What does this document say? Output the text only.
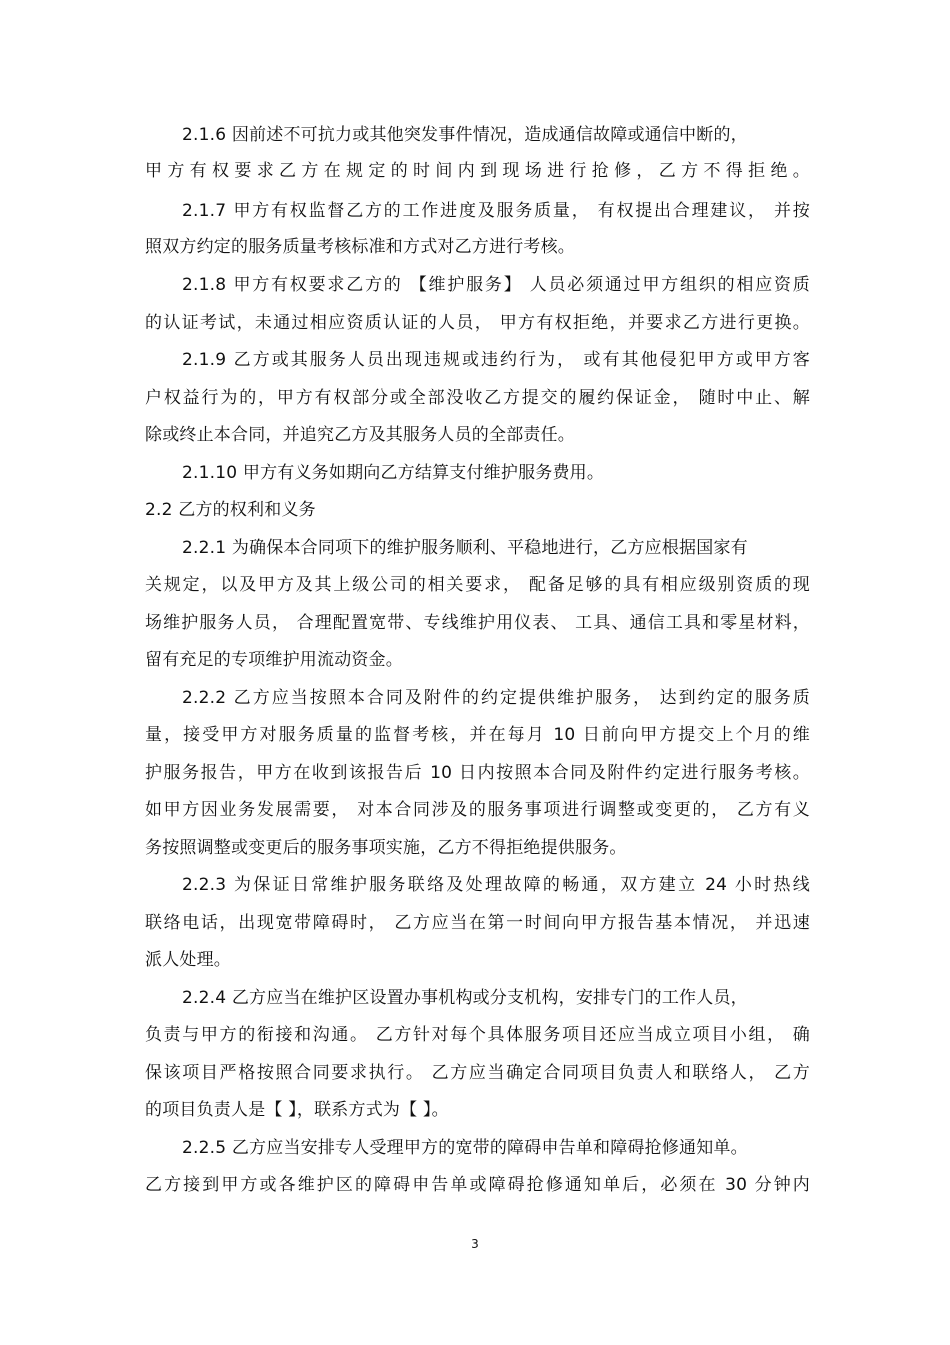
2.1.6 因前述不可抗力或其他突发事件情况，造成通信故障或通信中断的，
甲方有权要求乙方在规定的时间内到现场进行抢修，乙方不得拒绝。
2.1.7 甲方有权监督乙方的工作进度及服务质量， 有权提出合理建议， 并按
照双方约定的服务质量考核标准和方式对乙方进行考核。
2.1.8 甲方有权要求乙方的 【维护服务】 人员必须通过甲方组织的相应资质
的认证考试，未通过相应资质认证的人员， 甲方有权拒绝，并要求乙方进行更换。
2.1.9 乙方或其服务人员出现违规或违约行为， 或有其他侵犯甲方或甲方客
户权益行为的，甲方有权部分或全部没收乙方提交的履约保证金， 随时中止、解
除或终止本合同，并追究乙方及其服务人员的全部责任。
2.1.10 甲方有义务如期向乙方结算支付维护服务费用。
2.2 乙方的权利和义务
2.2.1 为确保本合同项下的维护服务顺利、平稳地进行，乙方应根据国家有
关规定，以及甲方及其上级公司的相关要求， 配备足够的具有相应级别资质的现
场维护服务人员， 合理配置宽带、专线维护用仪表、 工具、通信工具和零星材料，
留有充足的专项维护用流动资金。
2.2.2 乙方应当按照本合同及附件的约定提供维护服务， 达到约定的服务质
量，接受甲方对服务质量的监督考核，并在每月 10 日前向甲方提交上个月的维
护服务报告，甲方在收到该报告后 10 日内按照本合同及附件约定进行服务考核。
如甲方因业务发展需要， 对本合同涉及的服务事项进行调整或变更的， 乙方有义
务按照调整或变更后的服务事项实施，乙方不得拒绝提供服务。
2.2.3 为保证日常维护服务联络及处理故障的畅通，双方建立 24 小时热线
联络电话，出现宽带障碍时， 乙方应当在第一时间向甲方报告基本情况， 并迅速
派人处理。
2.2.4 乙方应当在维护区设置办事机构或分支机构，安排专门的工作人员，
负责与甲方的衔接和沟通。 乙方针对每个具体服务项目还应当成立项目小组， 确
保该项目严格按照合同要求执行。 乙方应当确定合同项目负责人和联络人， 乙方
的项目负责人是【 】，联系方式为【 】。
2.2.5 乙方应当安排专人受理甲方的宽带的障碍申告单和障碍抢修通知单。
乙方接到甲方或各维护区的障碍申告单或障碍抢修通知单后，必须在 30 分钟内
3
